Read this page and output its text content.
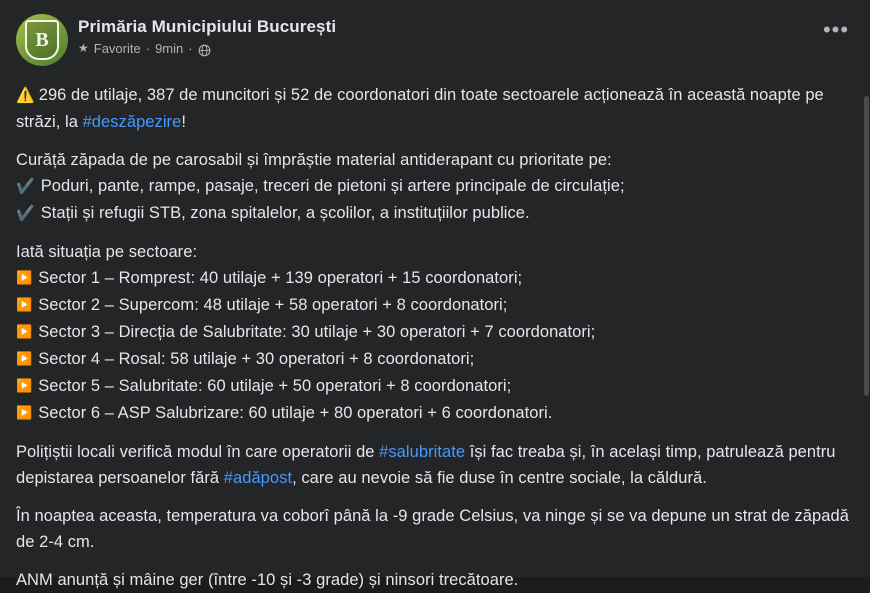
B
Primăria Municipiului București
★ Favorite · 9min ·
•••

⚠️ 296 de utilaje, 387 de muncitori și 52 de coordonatori din toate sectoarele acționează în această noapte pe străzi, la #deszăpezire!

Curăță zăpada de pe carosabil și împrăștie material antiderapant cu prioritate pe:
✔️ Poduri, pante, rampe, pasaje, treceri de pietoni și artere principale de circulație;
✔️ Stații și refugii STB, zona spitalelor, a școlilor, a instituțiilor publice.
Iată situația pe sectoare:
▶️ Sector 1 – Romprest: 40 utilaje + 139 operatori + 15 coordonatori;
▶️ Sector 2 – Supercom: 48 utilaje + 58 operatori + 8 coordonatori;
▶️ Sector 3 – Direcția de Salubritate: 30 utilaje + 30 operatori + 7 coordonatori;
▶️ Sector 4 – Rosal: 58 utilaje + 30 operatori + 8 coordonatori;
▶️ Sector 5 – Salubritate: 60 utilaje + 50 operatori + 8 coordonatori;
▶️ Sector 6 – ASP Salubrizare: 60 utilaje + 80 operatori + 6 coordonatori.

Polițiștii locali verifică modul în care operatorii de #salubritate își fac treaba și, în același timp, patrulează pentru depistarea persoanelor fără #adăpost, care au nevoie să fie duse în centre sociale, la căldură.

În noaptea aceasta, temperatura va coborî până la -9 grade Celsius, va ninge și se va depune un strat de zăpadă de 2-4 cm.

ANM anunță și mâine ger (între -10 și -3 grade) și ninsori trecătoare.
